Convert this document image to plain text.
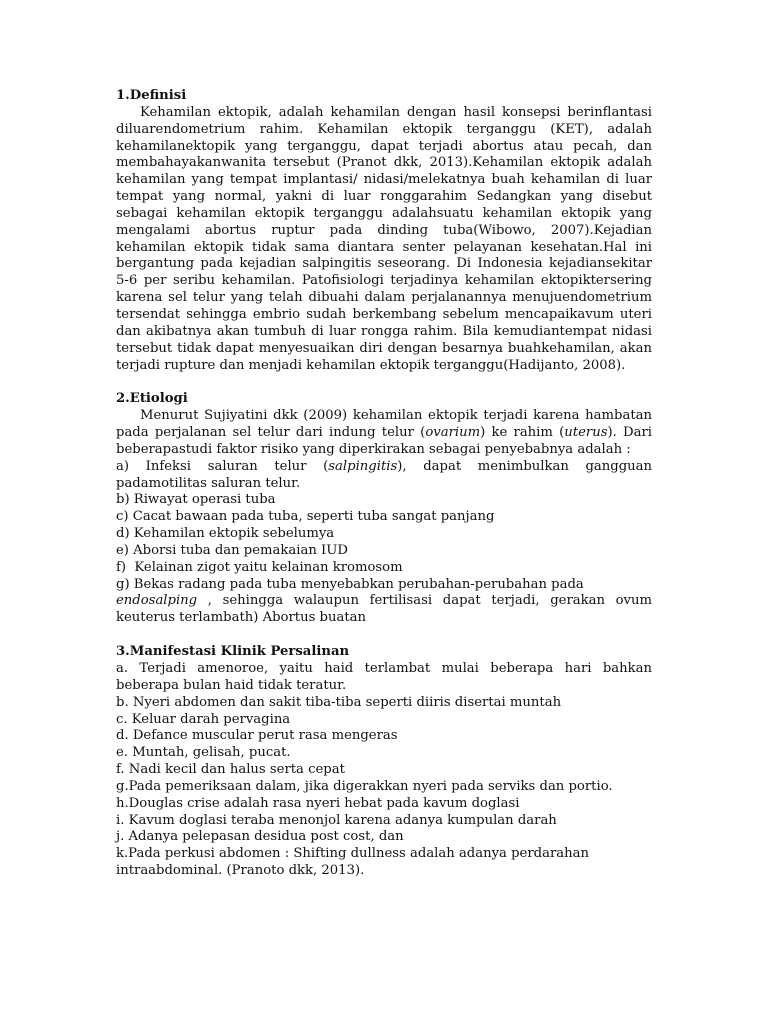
1.Definisi

Kehamilan ektopik, adalah kehamilan dengan hasil konsepsi berinflantasi diluarendometrium rahim. Kehamilan ektopik terganggu (KET), adalah kehamilanektopik yang terganggu, dapat terjadi abortus atau pecah, dan membahayakanwanita tersebut (Pranot dkk, 2013).Kehamilan ektopik adalah kehamilan yang tempat implantasi/ nidasi/melekatnya buah kehamilan di luar tempat yang normal, yakni di luar ronggarahim Sedangkan yang disebut sebagai kehamilan ektopik terganggu adalahsuatu kehamilan ektopik yang mengalami abortus ruptur pada dinding tuba(Wibowo, 2007).Kejadian kehamilan ektopik tidak sama diantara senter pelayanan kesehatan.Hal ini bergantung pada kejadian salpingitis seseorang. Di Indonesia kejadiansekitar 5-6 per seribu kehamilan. Patofisiologi terjadinya kehamilan ektopiktersering karena sel telur yang telah dibuahi dalam perjalanannya menujuendometrium tersendat sehingga embrio sudah berkembang sebelum mencapaikavum uteri dan akibatnya akan tumbuh di luar rongga rahim. Bila kemudiantempat nidasi tersebut tidak dapat menyesuaikan diri dengan besarnya buahkehamilan, akan terjadi rupture dan menjadi kehamilan ektopik terganggu(Hadijanto, 2008).

2.Etiologi

Menurut Sujiyatini dkk (2009) kehamilan ektopik terjadi karena hambatan pada perjalanan sel telur dari indung telur (ovarium) ke rahim (uterus). Dari beberapastudi faktor risiko yang diperkirakan sebagai penyebabnya adalah :

a) Infeksi saluran telur (salpingitis), dapat menimbulkan gangguan padamotilitas saluran telur.

b) Riwayat operasi tuba

c) Cacat bawaan pada tuba, seperti tuba sangat panjang

d) Kehamilan ektopik sebelumya

e) Aborsi tuba dan pemakaian IUD

f)  Kelainan zigot yaitu kelainan kromosom

g) Bekas radang pada tuba menyebabkan perubahan-perubahan pada

endosalping , sehingga walaupun fertilisasi dapat terjadi, gerakan ovum keuterus terlambath) Abortus buatan

3.Manifestasi Klinik Persalinan

a. Terjadi amenoroe, yaitu haid terlambat mulai beberapa hari bahkan beberapa bulan haid tidak teratur.

b. Nyeri abdomen dan sakit tiba-tiba seperti diiris disertai muntah

c. Keluar darah pervagina

d. Defance muscular perut rasa mengeras

e. Muntah, gelisah, pucat.

f. Nadi kecil dan halus serta cepat

g.Pada pemeriksaan dalam, jika digerakkan nyeri pada serviks dan portio.

h.Douglas crise adalah rasa nyeri hebat pada kavum doglasi

i. Kavum doglasi teraba menonjol karena adanya kumpulan darah

j. Adanya pelepasan desidua post cost, dan

k.Pada perkusi abdomen : Shifting dullness adalah adanya perdarahan intraabdominal. (Pranoto dkk, 2013).
